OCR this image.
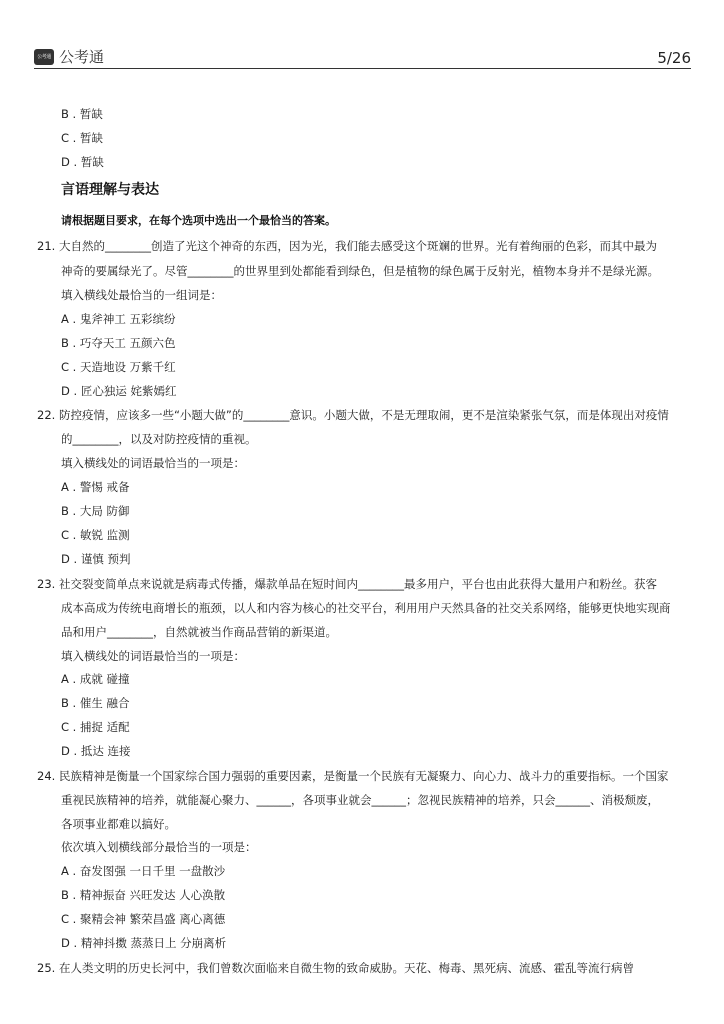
公考通 公考通	5/26
B . 暂缺
C . 暂缺
D . 暂缺
言语理解与表达
请根据题目要求，在每个选项中选出一个最恰当的答案。
21. 大自然的________创造了光这个神奇的东西，因为光，我们能去感受这个斑斓的世界。光有着绚丽的色彩，而其中最为
神奇的要属绿光了。尽管________的世界里到处都能看到绿色，但是植物的绿色属于反射光，植物本身并不是绿光源。
填入横线处最恰当的一组词是：
A . 鬼斧神工 五彩缤纷
B . 巧夺天工 五颜六色
C . 天造地设 万紫千红
D . 匠心独运 姹紫嫣红
22. 防控疫情，应该多一些“小题大做”的________意识。小题大做，不是无理取闹，更不是渲染紧张气氛，而是体现出对疫情
的________，以及对防控疫情的重视。
填入横线处的词语最恰当的一项是：
A . 警惕 戒备
B . 大局 防御
C . 敏锐 监测
D . 谨慎 预判
23. 社交裂变简单点来说就是病毒式传播，爆款单品在短时间内________最多用户，平台也由此获得大量用户和粉丝。获客
成本高成为传统电商增长的瓶颈，以人和内容为核心的社交平台，利用用户天然具备的社交关系网络，能够更快地实现商
品和用户________，自然就被当作商品营销的新渠道。
填入横线处的词语最恰当的一项是：
A . 成就 碰撞
B . 催生 融合
C . 捕捉 适配
D . 抵达 连接
24. 民族精神是衡量一个国家综合国力强弱的重要因素，是衡量一个民族有无凝聚力、向心力、战斗力的重要指标。一个国家
重视民族精神的培养，就能凝心聚力、______，各项事业就会______；忽视民族精神的培养，只会______、消极颓废，
各项事业都难以搞好。
依次填入划横线部分最恰当的一项是：
A . 奋发图强 一日千里 一盘散沙
B . 精神振奋 兴旺发达 人心涣散
C . 聚精会神 繁荣昌盛 离心离德
D . 精神抖擞 蒸蒸日上 分崩离析
25. 在人类文明的历史长河中，我们曾数次面临来自微生物的致命威胁。天花、梅毒、黑死病、流感、霍乱等流行病曾
